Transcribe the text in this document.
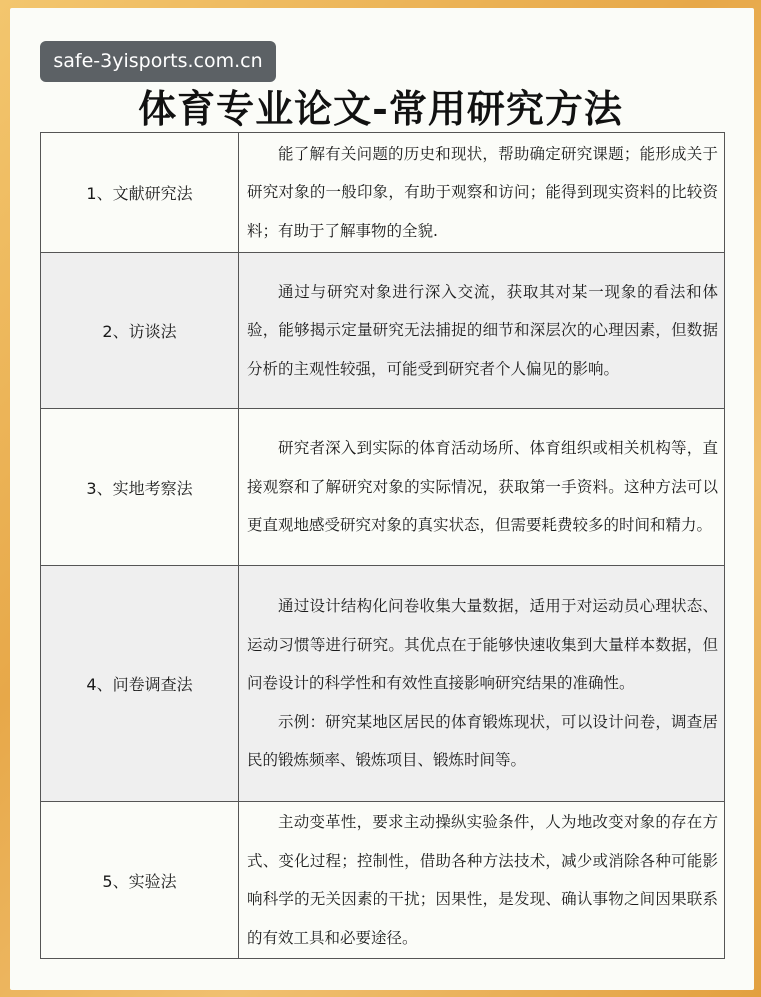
safe-3yisports.com.cn
体育专业论文-常用研究方法
1、文献研究法	能了解有关问题的历史和现状，帮助确定研究课题；能形成关于研究对象的一般印象，有助于观察和访问；能得到现实资料的比较资料；有助于了解事物的全貌.

2、访谈法	通过与研究对象进行深入交流，获取其对某一现象的看法和体验，能够揭示定量研究无法捕捉的细节和深层次的心理因素，但数据分析的主观性较强，可能受到研究者个人偏见的影响。

3、实地考察法	研究者深入到实际的体育活动场所、体育组织或相关机构等，直接观察和了解研究对象的实际情况，获取第一手资料。这种方法可以更直观地感受研究对象的真实状态，但需要耗费较多的时间和精力。

4、问卷调查法	通过设计结构化问卷收集大量数据，适用于对运动员心理状态、运动习惯等进行研究。其优点在于能够快速收集到大量样本数据，但问卷设计的科学性和有效性直接影响研究结果的准确性。

示例：研究某地区居民的体育锻炼现状，可以设计问卷，调查居民的锻炼频率、锻炼项目、锻炼时间等。

5、实验法	主动变革性，要求主动操纵实验条件，人为地改变对象的存在方式、变化过程；控制性，借助各种方法技术，减少或消除各种可能影响科学的无关因素的干扰；因果性，是发现、确认事物之间因果联系的有效工具和必要途径。
